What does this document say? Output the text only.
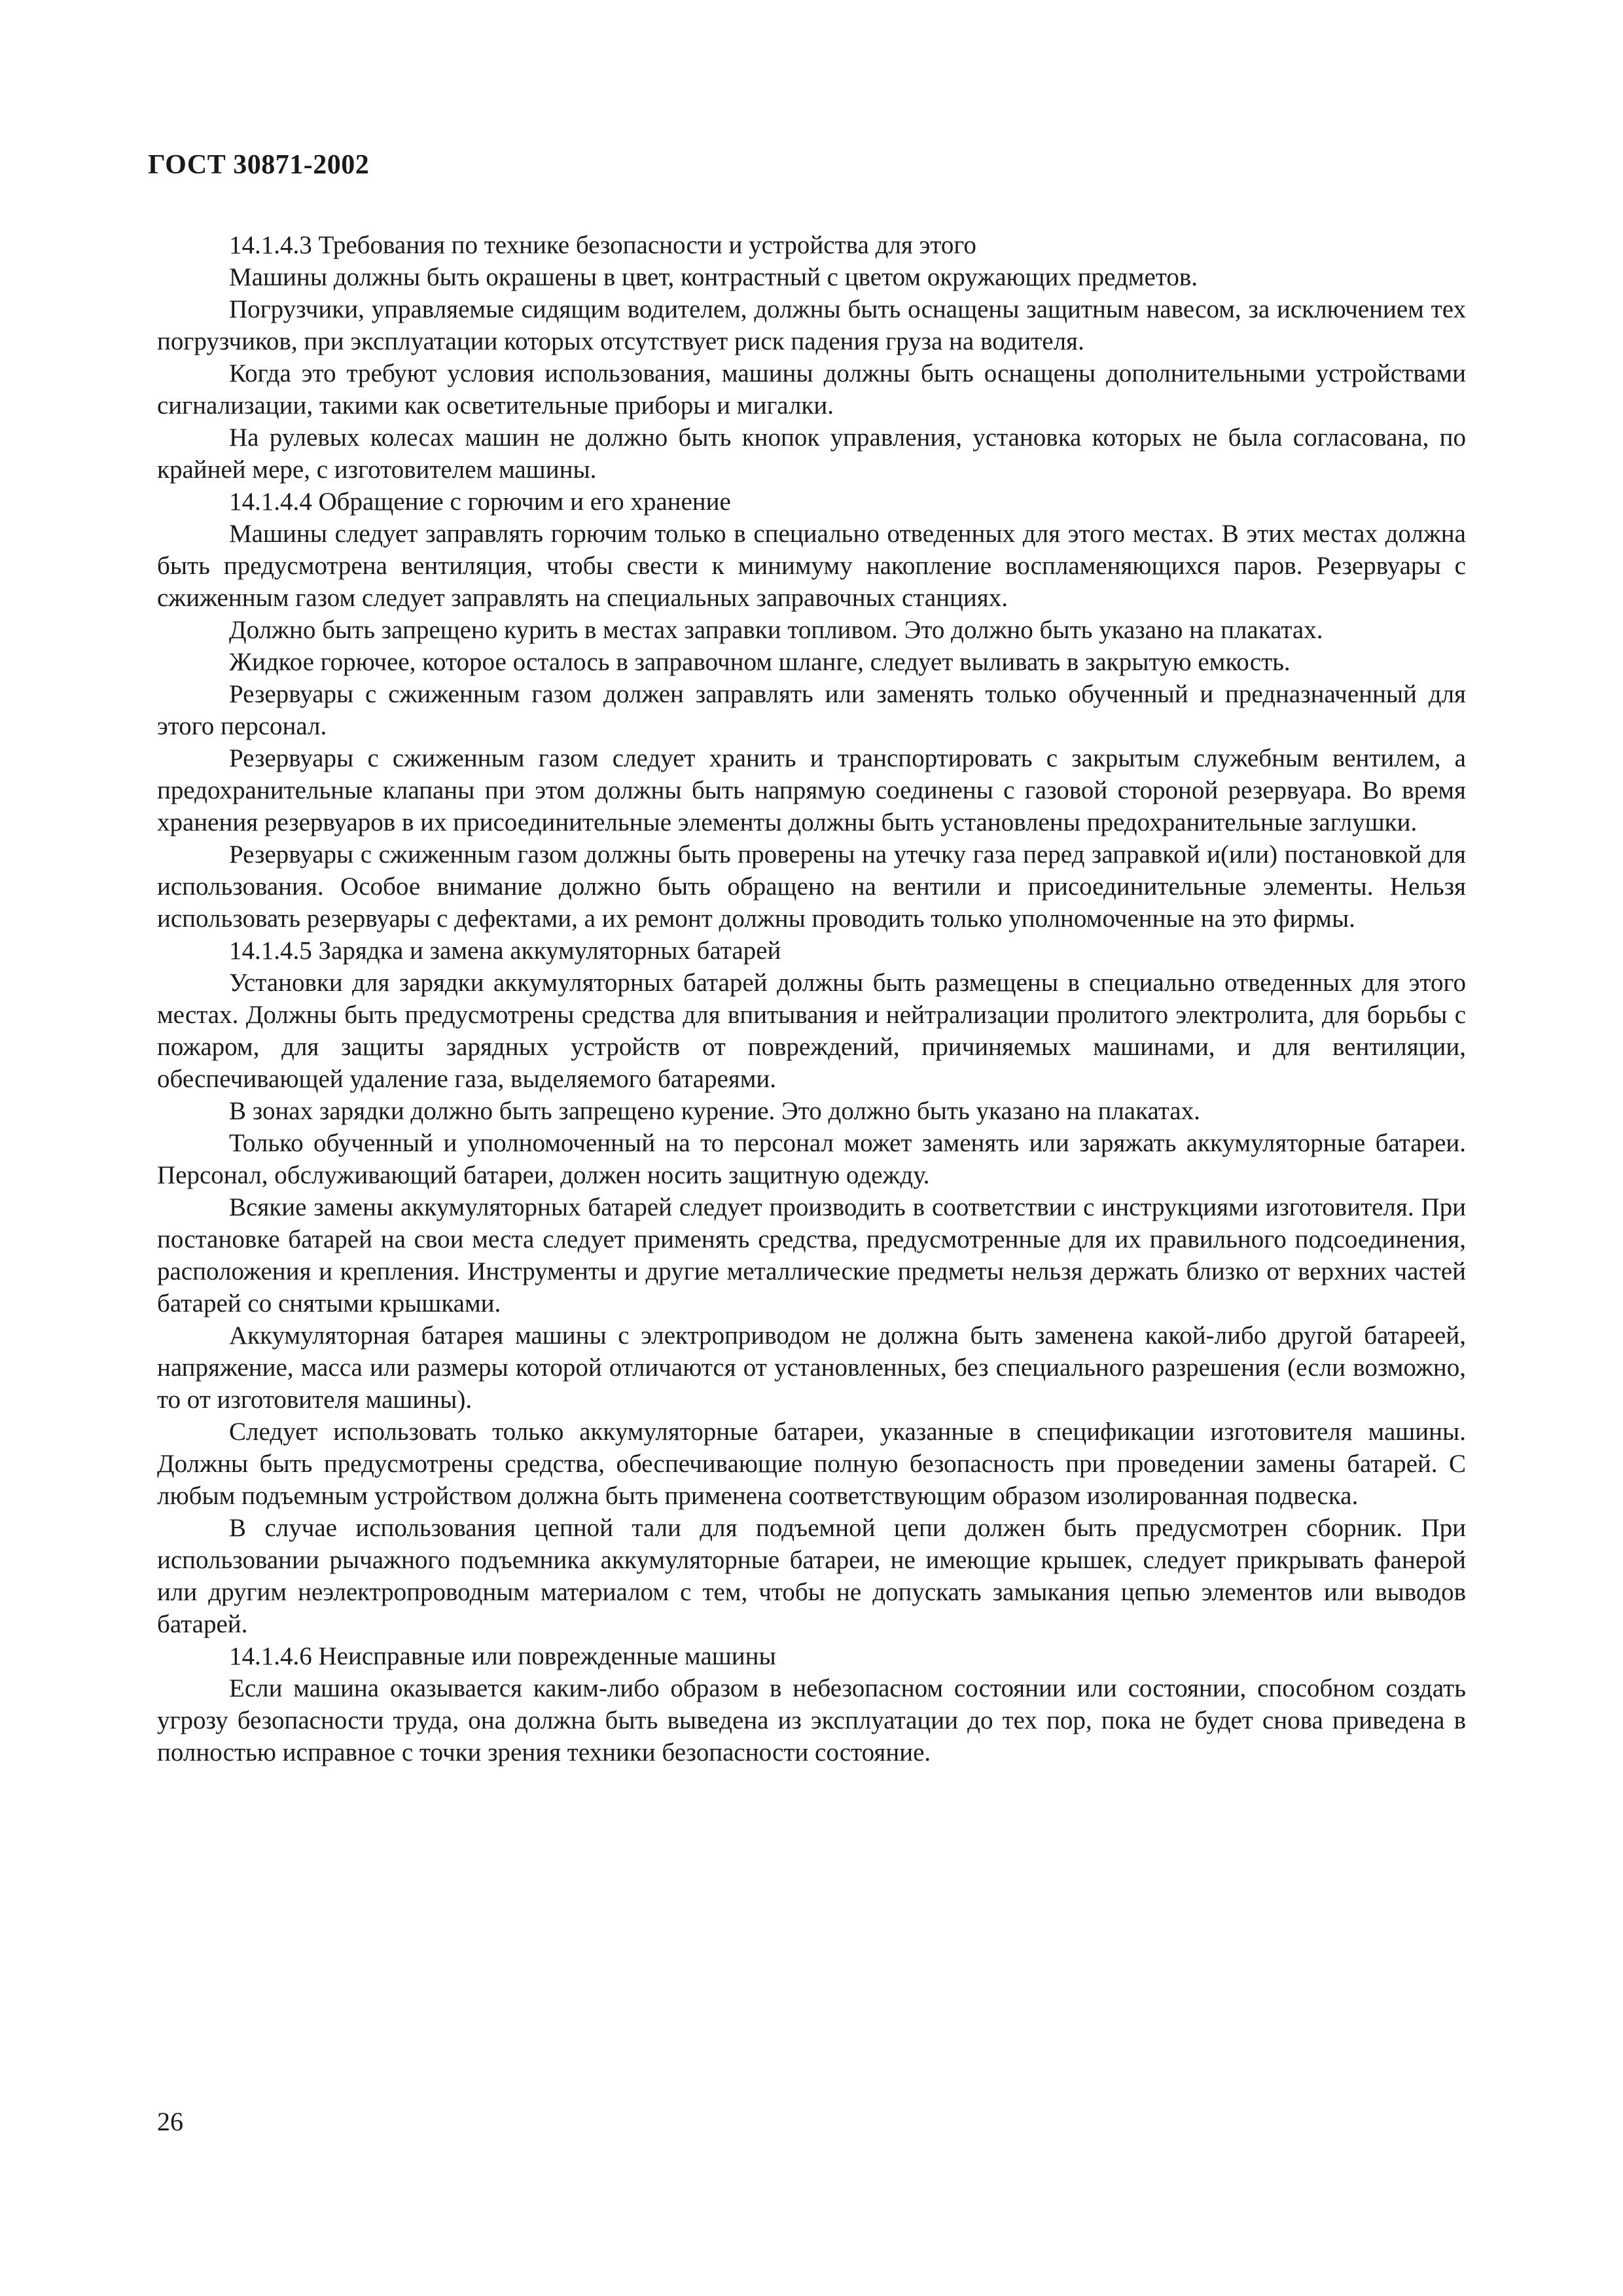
ГОСТ 30871-2002

14.1.4.3 Требования по технике безопасности и устройства для этого

Машины должны быть окрашены в цвет, контрастный с цветом окружающих предметов.

Погрузчики, управляемые сидящим водителем, должны быть оснащены защитным навесом, за исключением тех погрузчиков, при эксплуатации которых отсутствует риск падения груза на водителя.

Когда это требуют условия использования, машины должны быть оснащены дополнительными устройствами сигнализации, такими как осветительные приборы и мигалки.

На рулевых колесах машин не должно быть кнопок управления, установка которых не была согласована, по крайней мере, с изготовителем машины.

14.1.4.4 Обращение с горючим и его хранение

Машины следует заправлять горючим только в специально отведенных для этого местах. В этих местах должна быть предусмотрена вентиляция, чтобы свести к минимуму накопление воспламеняющихся паров. Резервуары с сжиженным газом следует заправлять на специальных заправочных станциях.

Должно быть запрещено курить в местах заправки топливом. Это должно быть указано на плакатах.

Жидкое горючее, которое осталось в заправочном шланге, следует выливать в закрытую емкость.

Резервуары с сжиженным газом должен заправлять или заменять только обученный и предназначенный для этого персонал.

Резервуары с сжиженным газом следует хранить и транспортировать с закрытым служебным вентилем, а предохранительные клапаны при этом должны быть напрямую соединены с газовой стороной резервуара. Во время хранения резервуаров в их присоединительные элементы должны быть установлены предохранительные заглушки.

Резервуары с сжиженным газом должны быть проверены на утечку газа перед заправкой и(или) постановкой для использования. Особое внимание должно быть обращено на вентили и присоединительные элементы. Нельзя использовать резервуары с дефектами, а их ремонт должны проводить только уполномоченные на это фирмы.

14.1.4.5 Зарядка и замена аккумуляторных батарей

Установки для зарядки аккумуляторных батарей должны быть размещены в специально отведенных для этого местах. Должны быть предусмотрены средства для впитывания и нейтрализации пролитого электролита, для борьбы с пожаром, для защиты зарядных устройств от повреждений, причиняемых машинами, и для вентиляции, обеспечивающей удаление газа, выделяемого батареями.

В зонах зарядки должно быть запрещено курение. Это должно быть указано на плакатах.

Только обученный и уполномоченный на то персонал может заменять или заряжать аккумуляторные батареи. Персонал, обслуживающий батареи, должен носить защитную одежду.

Всякие замены аккумуляторных батарей следует производить в соответствии с инструкциями изготовителя. При постановке батарей на свои места следует применять средства, предусмотренные для их правильного подсоединения, расположения и крепления. Инструменты и другие металлические предметы нельзя держать близко от верхних частей батарей со снятыми крышками.

Аккумуляторная батарея машины с электроприводом не должна быть заменена какой-либо другой батареей, напряжение, масса или размеры которой отличаются от установленных, без специального разрешения (если возможно, то от изготовителя машины).

Следует использовать только аккумуляторные батареи, указанные в спецификации изготовителя машины. Должны быть предусмотрены средства, обеспечивающие полную безопасность при проведении замены батарей. С любым подъемным устройством должна быть применена соответствующим образом изолированная подвеска.

В случае использования цепной тали для подъемной цепи должен быть предусмотрен сборник. При использовании рычажного подъемника аккумуляторные батареи, не имеющие крышек, следует прикрывать фанерой или другим неэлектропроводным материалом с тем, чтобы не допускать замыкания цепью элементов или выводов батарей.

14.1.4.6 Неисправные или поврежденные машины

Если машина оказывается каким-либо образом в небезопасном состоянии или состоянии, способном создать угрозу безопасности труда, она должна быть выведена из эксплуатации до тех пор, пока не будет снова приведена в полностью исправное с точки зрения техники безопасности состояние.

26
